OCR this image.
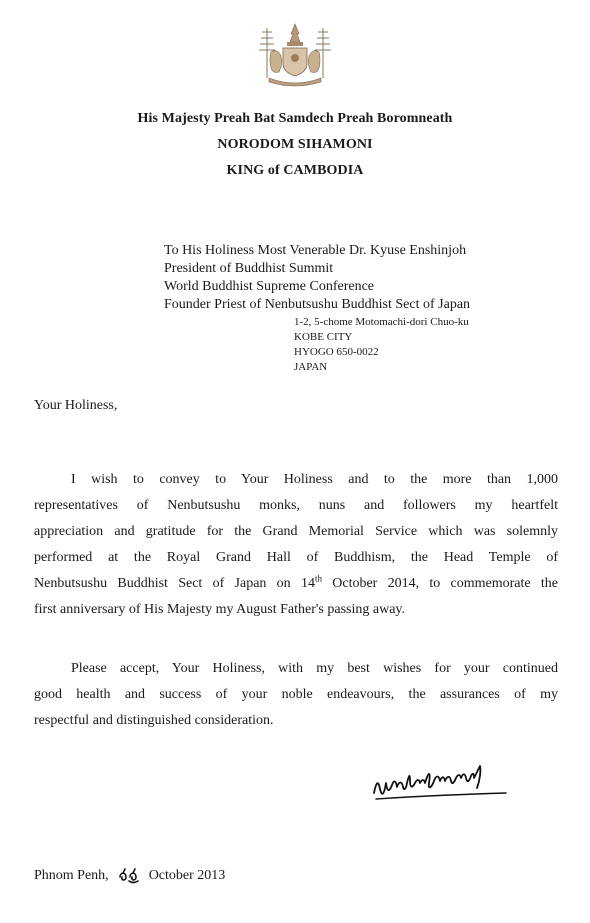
His Majesty Preah Bat Samdech Preah Boromneath
NORODOM SIHAMONI
KING of CAMBODIA
To His Holiness Most Venerable Dr. Kyuse Enshinjoh
President of Buddhist Summit
World Buddhist Supreme Conference
Founder Priest of Nenbutsushu Buddhist Sect of Japan
1-2, 5-chome Motomachi-dori Chuo-ku
KOBE CITY
HYOGO 650-0022
JAPAN
Your Holiness,
I wish to convey to Your Holiness and to the more than 1,000
representatives of Nenbutsushu monks, nuns and followers my heartfelt
appreciation and gratitude for the Grand Memorial Service which was solemnly
performed at the Royal Grand Hall of Buddhism, the Head Temple of
Nenbutsushu Buddhist Sect of Japan on 14th October 2014, to commemorate the
first anniversary of His Majesty my August Father's passing away.
Please accept, Your Holiness, with my best wishes for your continued
good health and success of your noble endeavours, the assurances of my
respectful and distinguished consideration.
Phnom Penh,	October 2013
